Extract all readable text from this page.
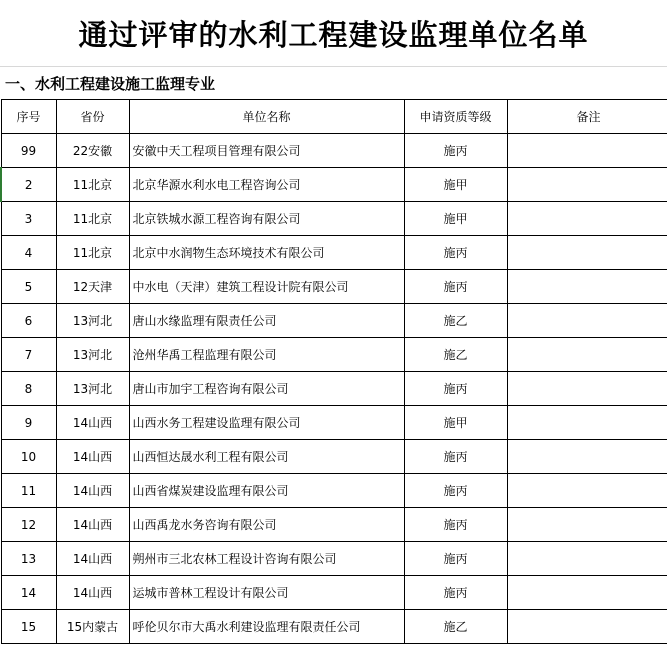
通过评审的水利工程建设监理单位名单
一、水利工程建设施工监理专业
序号	省份	单位名称	申请资质等级	备注
99	22安徽	安徽中天工程项目管理有限公司	施丙	
2	11北京	北京华源水利水电工程咨询公司	施甲	
3	11北京	北京铁城水源工程咨询有限公司	施甲	
4	11北京	北京中水润物生态环境技术有限公司	施丙	
5	12天津	中水电（天津）建筑工程设计院有限公司	施丙	
6	13河北	唐山水缘监理有限责任公司	施乙	
7	13河北	沧州华禹工程监理有限公司	施乙	
8	13河北	唐山市加宇工程咨询有限公司	施丙	
9	14山西	山西水务工程建设监理有限公司	施甲	
10	14山西	山西恒达晟水利工程有限公司	施丙	
11	14山西	山西省煤炭建设监理有限公司	施丙	
12	14山西	山西禹龙水务咨询有限公司	施丙	
13	14山西	朔州市三北农林工程设计咨询有限公司	施丙	
14	14山西	运城市普林工程设计有限公司	施丙	
15	15内蒙古	呼伦贝尔市大禹水利建设监理有限责任公司	施乙	
